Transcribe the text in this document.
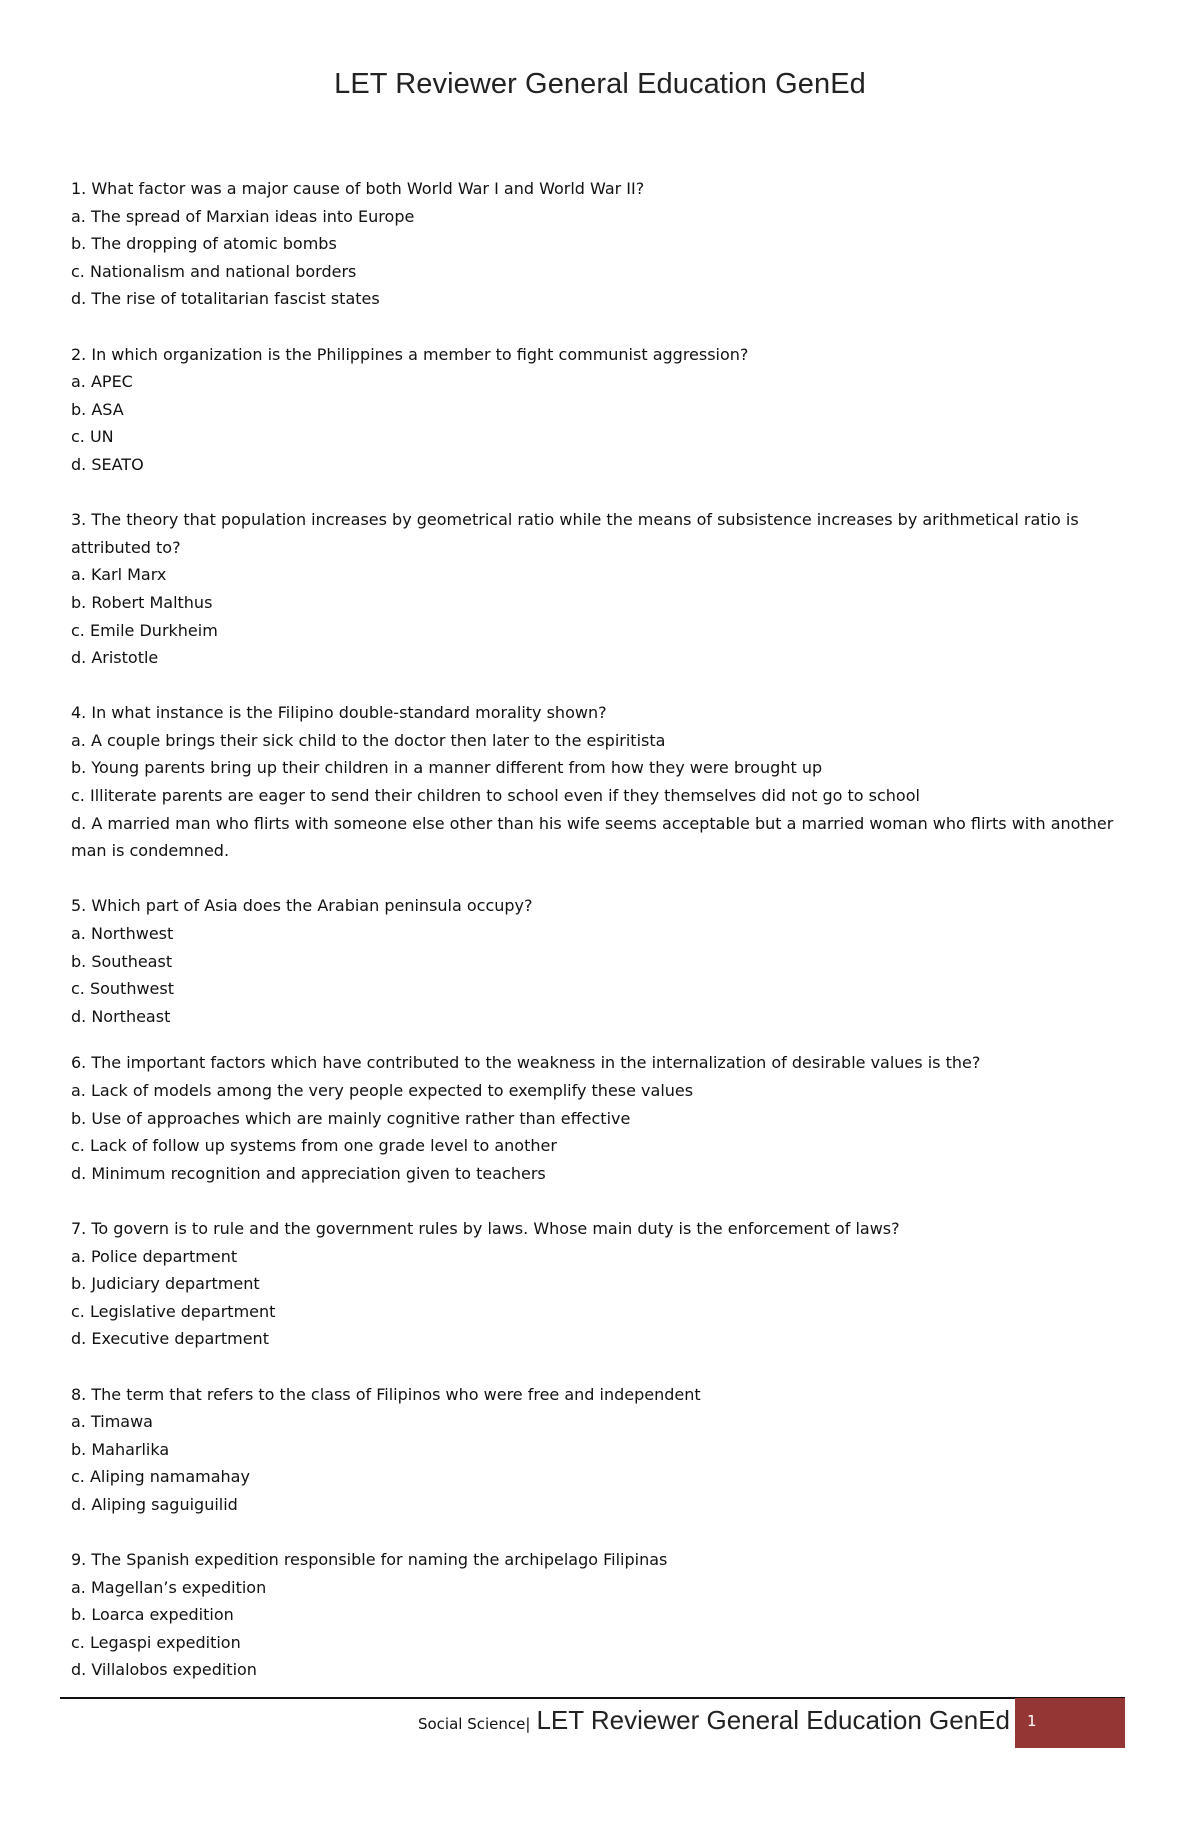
LET Reviewer General Education GenEd
1. What factor was a major cause of both World War I and World War II?
a. The spread of Marxian ideas into Europe
b. The dropping of atomic bombs
c. Nationalism and national borders
d. The rise of totalitarian fascist states
2. In which organization is the Philippines a member to fight communist aggression?
a. APEC
b. ASA
c. UN
d. SEATO
3. The theory that population increases by geometrical ratio while the means of subsistence increases by arithmetical ratio is attributed to?
a. Karl Marx
b. Robert Malthus
c. Emile Durkheim
d. Aristotle
4. In what instance is the Filipino double-standard morality shown?
a. A couple brings their sick child to the doctor then later to the espiritista
b. Young parents bring up their children in a manner different from how they were brought up
c. Illiterate parents are eager to send their children to school even if they themselves did not go to school
d. A married man who flirts with someone else other than his wife seems acceptable but a married woman who flirts with another man is condemned.
5. Which part of Asia does the Arabian peninsula occupy?
a. Northwest
b. Southeast
c. Southwest
d. Northeast
6. The important factors which have contributed to the weakness in the internalization of desirable values is the?
a. Lack of models among the very people expected to exemplify these values
b. Use of approaches which are mainly cognitive rather than effective
c. Lack of follow up systems from one grade level to another
d. Minimum recognition and appreciation given to teachers
7. To govern is to rule and the government rules by laws. Whose main duty is the enforcement of laws?
a. Police department
b. Judiciary department
c. Legislative department
d. Executive department
8. The term that refers to the class of Filipinos who were free and independent
a. Timawa
b. Maharlika
c. Aliping namamahay
d. Aliping saguiguilid
9. The Spanish expedition responsible for naming the archipelago Filipinas
a. Magellan’s expedition
b. Loarca expedition
c. Legaspi expedition
d. Villalobos expedition
Social Science| LET Reviewer General Education GenEd	1
